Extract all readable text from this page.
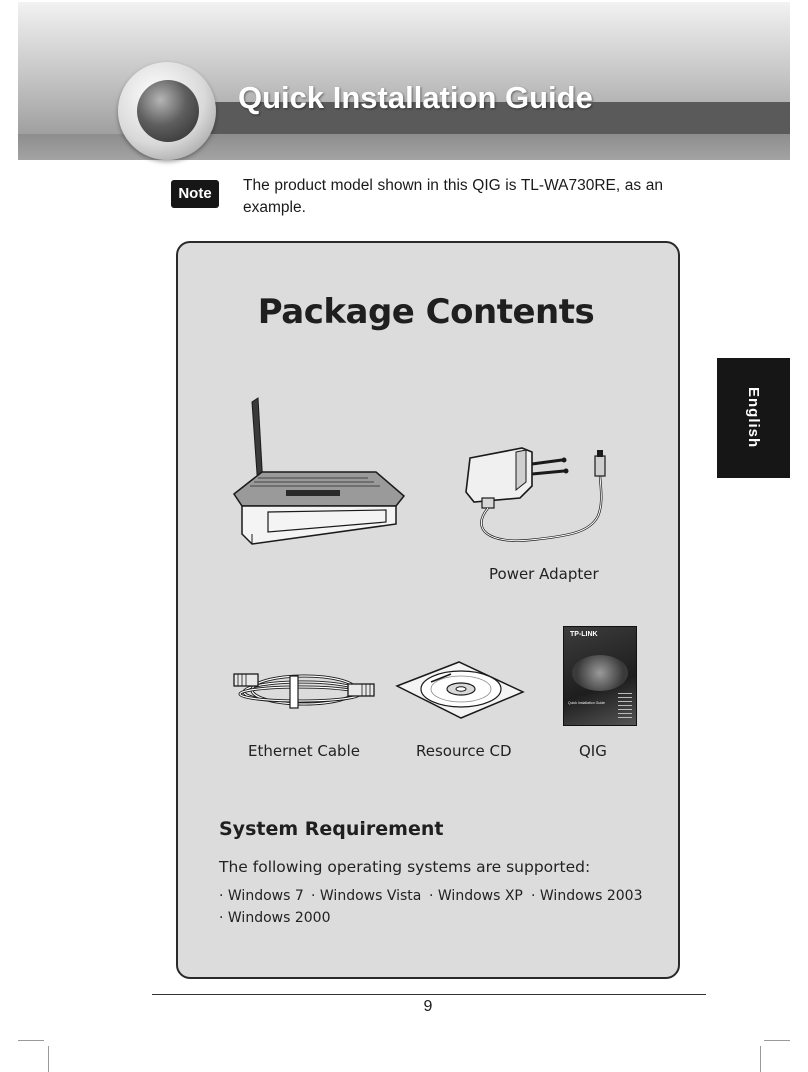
Quick Installation Guide
Note	The product model shown in this QIG is TL-WA730RE, as an example.

English
Package Contents
Power Adapter
Ethernet Cable	Resource CD
TP-LINK
Quick Installation Guide
QIG
System Requirement

The following operating systems are supported:

· Windows 7 · Windows Vista · Windows XP · Windows 2003
· Windows 2000
9
